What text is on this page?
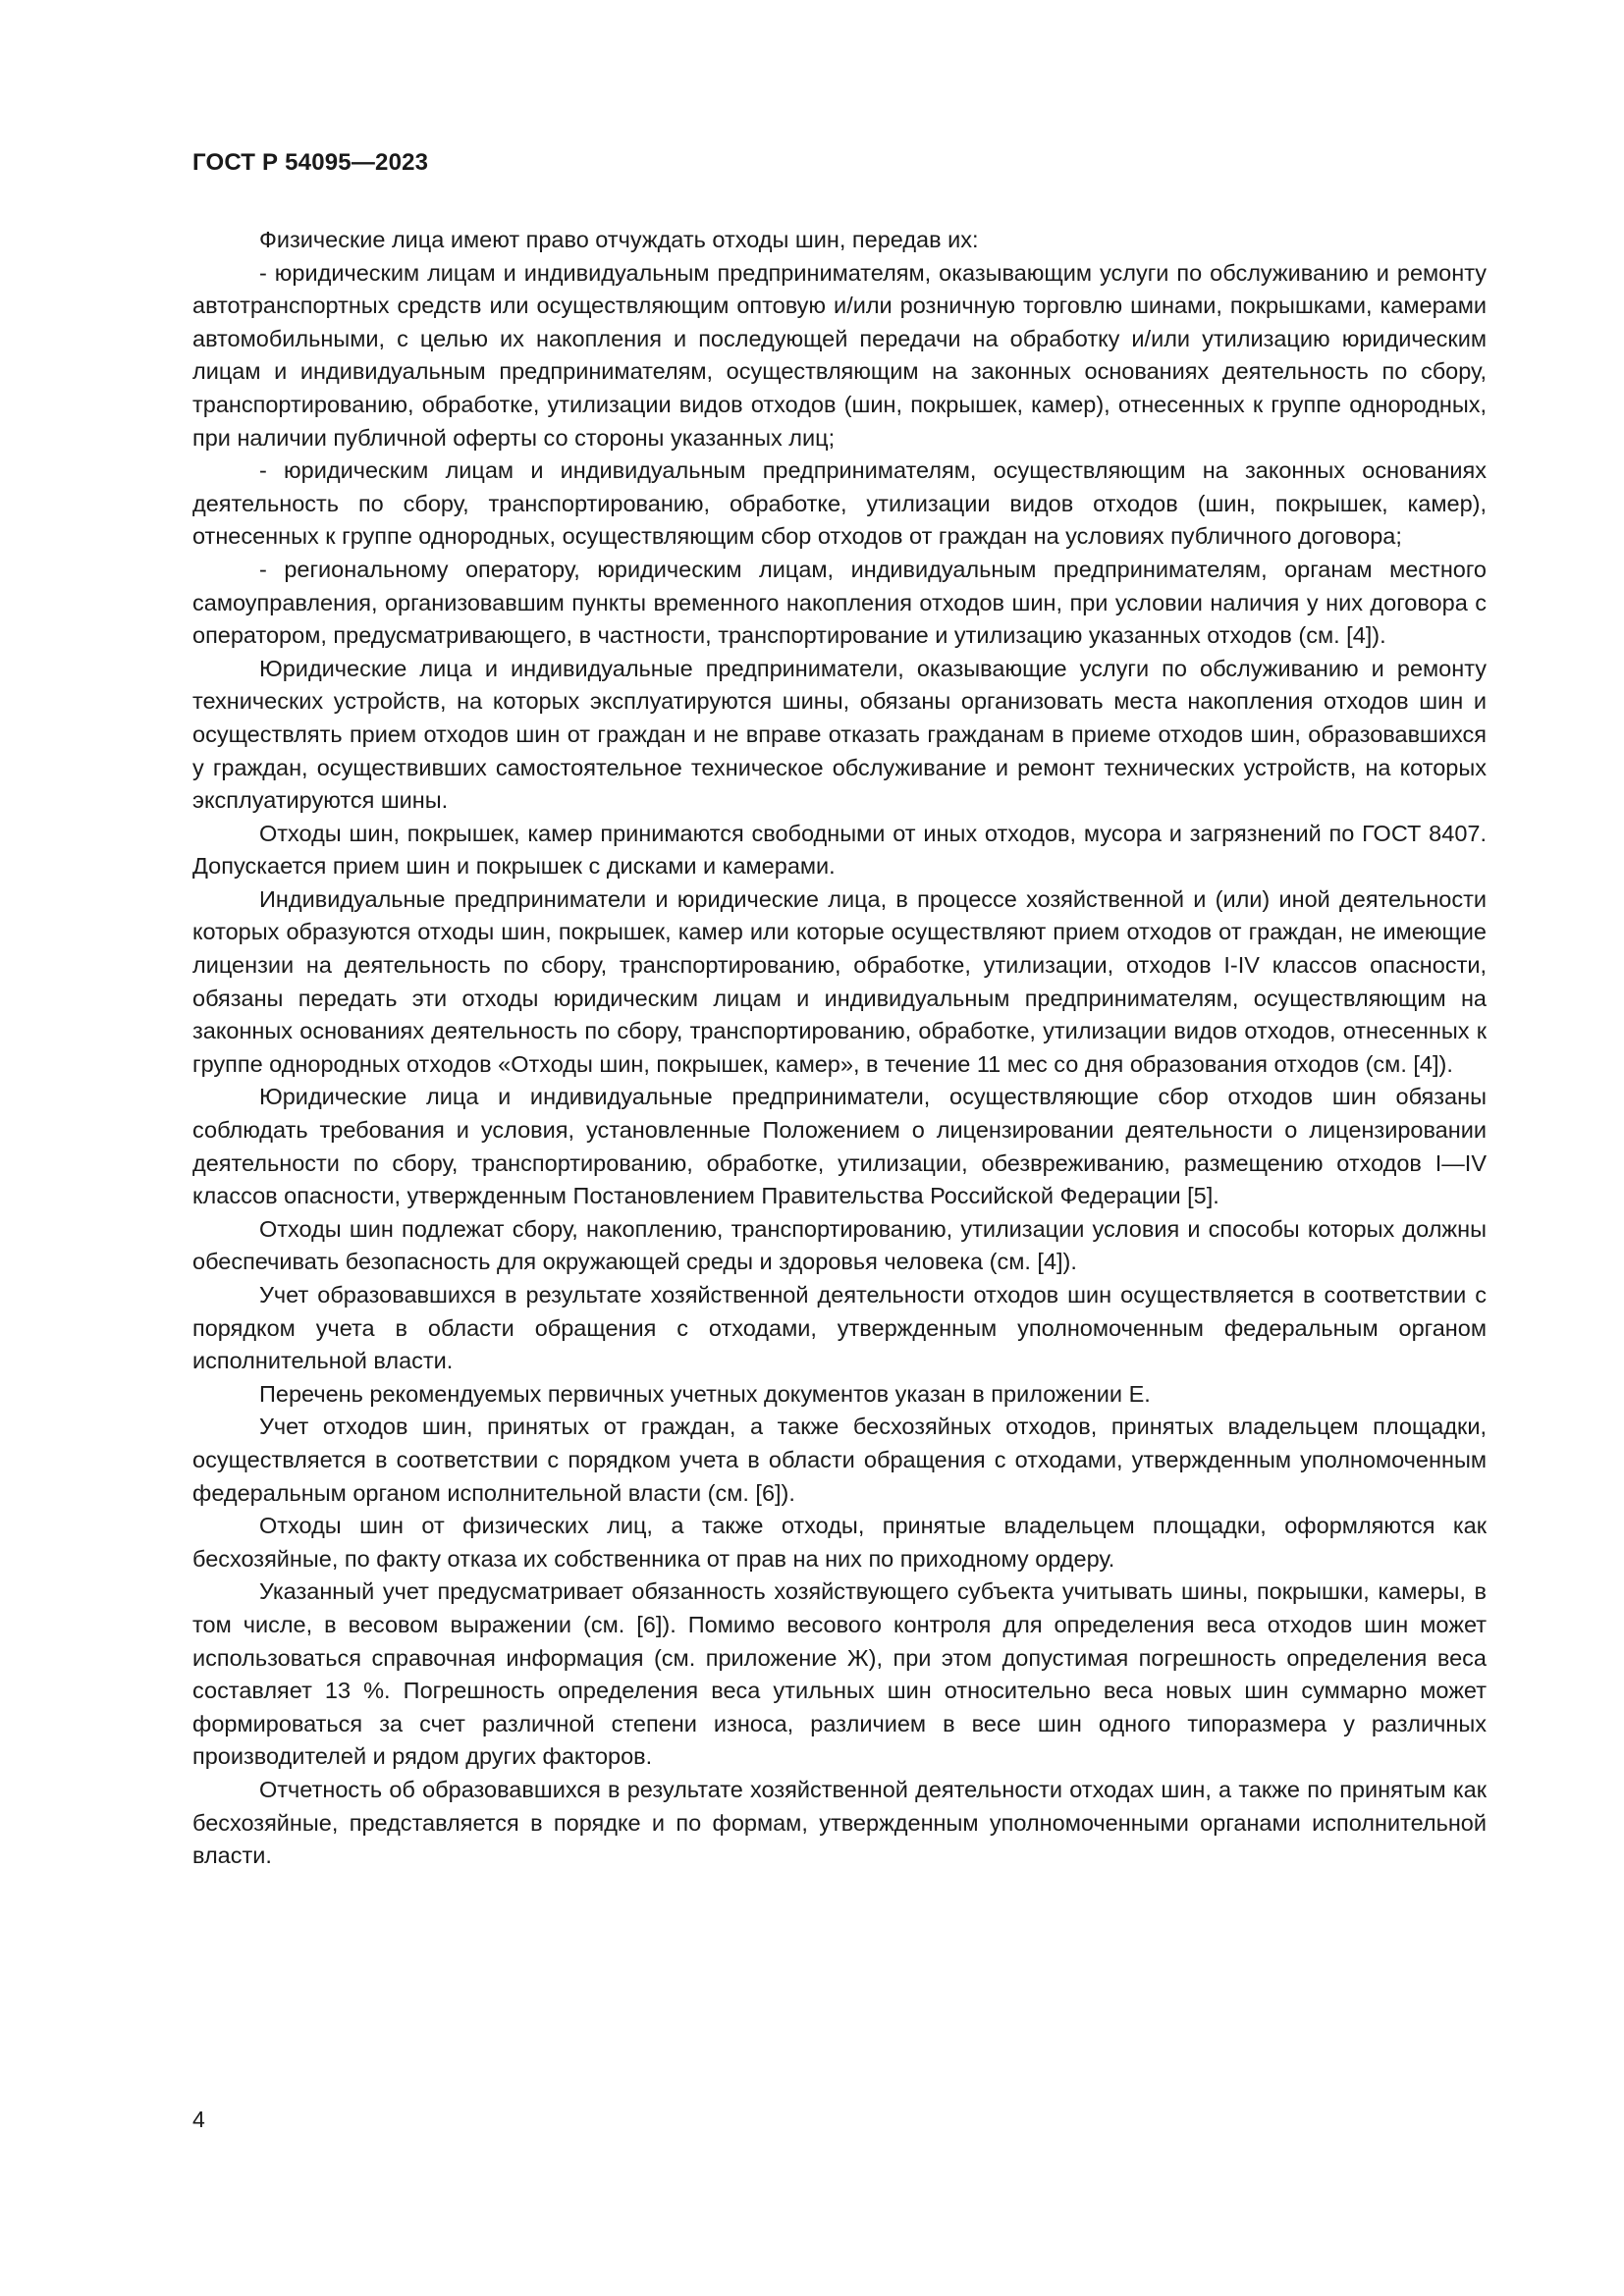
ГОСТ Р 54095—2023

Физические лица имеют право отчуждать отходы шин, передав их:

- юридическим лицам и индивидуальным предпринимателям, оказывающим услуги по обслуживанию и ремонту автотранспортных средств или осуществляющим оптовую и/или розничную торговлю шинами, покрышками, камерами автомобильными, с целью их накопления и последующей передачи на обработку и/или утилизацию юридическим лицам и индивидуальным предпринимателям, осуществляющим на законных основаниях деятельность по сбору, транспортированию, обработке, утилизации видов отходов (шин, покрышек, камер), отнесенных к группе однородных, при наличии публичной оферты со стороны указанных лиц;

- юридическим лицам и индивидуальным предпринимателям, осуществляющим на законных основаниях деятельность по сбору, транспортированию, обработке, утилизации видов отходов (шин, покрышек, камер), отнесенных к группе однородных, осуществляющим сбор отходов от граждан на условиях публичного договора;

- региональному оператору, юридическим лицам, индивидуальным предпринимателям, органам местного самоуправления, организовавшим пункты временного накопления отходов шин, при условии наличия у них договора с оператором, предусматривающего, в частности, транспортирование и утилизацию указанных отходов (см. [4]).

Юридические лица и индивидуальные предприниматели, оказывающие услуги по обслуживанию и ремонту технических устройств, на которых эксплуатируются шины, обязаны организовать места накопления отходов шин и осуществлять прием отходов шин от граждан и не вправе отказать гражданам в приеме отходов шин, образовавшихся у граждан, осуществивших самостоятельное техническое обслуживание и ремонт технических устройств, на которых эксплуатируются шины.

Отходы шин, покрышек, камер принимаются свободными от иных отходов, мусора и загрязнений по ГОСТ 8407. Допускается прием шин и покрышек с дисками и камерами.

Индивидуальные предприниматели и юридические лица, в процессе хозяйственной и (или) иной деятельности которых образуются отходы шин, покрышек, камер или которые осуществляют прием отходов от граждан, не имеющие лицензии на деятельность по сбору, транспортированию, обработке, утилизации, отходов I-IV классов опасности, обязаны передать эти отходы юридическим лицам и индивидуальным предпринимателям, осуществляющим на законных основаниях деятельность по сбору, транспортированию, обработке, утилизации видов отходов, отнесенных к группе однородных отходов «Отходы шин, покрышек, камер», в течение 11 мес со дня образования отходов (см. [4]).

Юридические лица и индивидуальные предприниматели, осуществляющие сбор отходов шин обязаны соблюдать требования и условия, установленные Положением о лицензировании деятельности о лицензировании деятельности по сбору, транспортированию, обработке, утилизации, обезвреживанию, размещению отходов I—IV классов опасности, утвержденным Постановлением Правительства Российской Федерации [5].

Отходы шин подлежат сбору, накоплению, транспортированию, утилизации условия и способы которых должны обеспечивать безопасность для окружающей среды и здоровья человека (см. [4]).

Учет образовавшихся в результате хозяйственной деятельности отходов шин осуществляется в соответствии с порядком учета в области обращения с отходами, утвержденным уполномоченным федеральным органом исполнительной власти.

Перечень рекомендуемых первичных учетных документов указан в приложении Е.

Учет отходов шин, принятых от граждан, а также бесхозяйных отходов, принятых владельцем площадки, осуществляется в соответствии с порядком учета в области обращения с отходами, утвержденным уполномоченным федеральным органом исполнительной власти (см. [6]).

Отходы шин от физических лиц, а также отходы, принятые владельцем площадки, оформляются как бесхозяйные, по факту отказа их собственника от прав на них по приходному ордеру.

Указанный учет предусматривает обязанность хозяйствующего субъекта учитывать шины, покрышки, камеры, в том числе, в весовом выражении (см. [6]). Помимо весового контроля для определения веса отходов шин может использоваться справочная информация (см. приложение Ж), при этом допустимая погрешность определения веса составляет 13 %. Погрешность определения веса утильных шин относительно веса новых шин суммарно может формироваться за счет различной степени износа, различием в весе шин одного типоразмера у различных производителей и рядом других факторов.

Отчетность об образовавшихся в результате хозяйственной деятельности отходах шин, а также по принятым как бесхозяйные, представляется в порядке и по формам, утвержденным уполномоченными органами исполнительной власти.

4
